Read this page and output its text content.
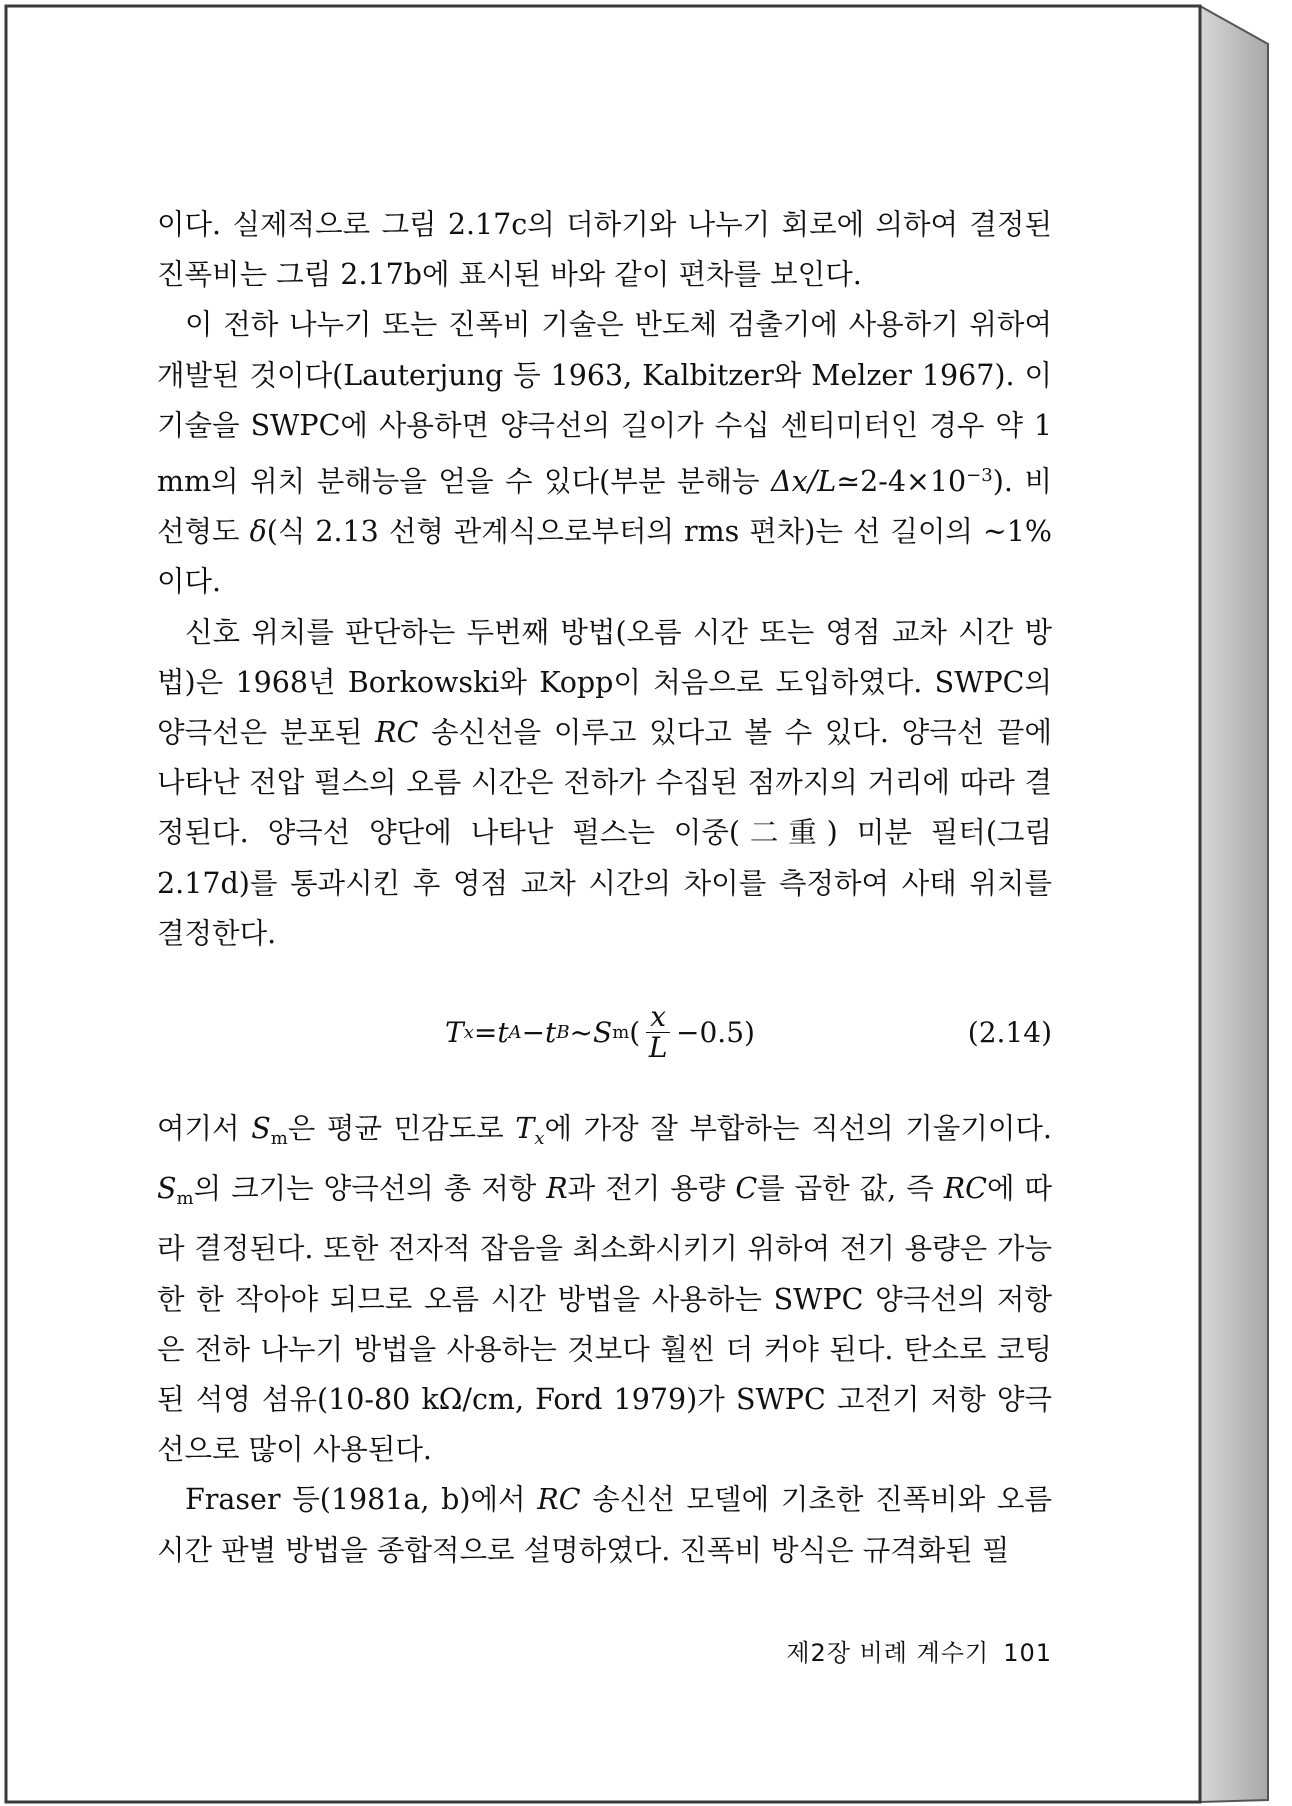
이다. 실제적으로 그림 2.17c의 더하기와 나누기 회로에 의하여 결정된 진폭비는 그림 2.17b에 표시된 바와 같이 편차를 보인다.

이 전하 나누기 또는 진폭비 기술은 반도체 검출기에 사용하기 위하여 개발된 것이다(Lauterjung 등 1963, Kalbitzer와 Melzer 1967). 이 기술을 SWPC에 사용하면 양극선의 길이가 수십 센티미터인 경우 약 1 mm의 위치 분해능을 얻을 수 있다(부분 분해능 $\Delta x/L≃2-4\times 10^{-3}$). 비선형도 δ(식 2.13 선형 관계식으로부터의 rms 편차)는 선 길이의 ~1%이다.

신호 위치를 판단하는 두번째 방법(오름 시간 또는 영점 교차 시간 방법)은 1968년 Borkowski와 Kopp이 처음으로 도입하였다. SWPC의 양극선은 분포된 RC 송신선을 이루고 있다고 볼 수 있다. 양극선 끝에 나타난 전압 펄스의 오름 시간은 전하가 수집된 점까지의 거리에 따라 결정된다. 양극선 양단에 나타난 펄스는 이중(二重) 미분 필터(그림 2.17d)를 통과시킨 후 영점 교차 시간의 차이를 측정하여 사태 위치를 결정한다.

T x = t A − t B ~ S m ( $\frac{x}{L} -0.5$)	(2.14)

여기서 $S_m$은 평균 민감도로 $T_x$에 가장 잘 부합하는 직선의 기울기이다. $S_m$의 크기는 양극선의 총 저항 R과 전기 용량 C를 곱한 값, 즉 RC에 따라 결정된다. 또한 전자적 잡음을 최소화시키기 위하여 전기 용량은 가능한 한 작아야 되므로 오름 시간 방법을 사용하는 SWPC 양극선의 저항은 전하 나누기 방법을 사용하는 것보다 훨씬 더 커야 된다. 탄소로 코팅된 석영 섬유(10-80 kΩ/cm, Ford 1979)가 SWPC 고전기 저항 양극선으로 많이 사용된다.

Fraser 등(1981a, b)에서 RC 송신선 모델에 기초한 진폭비와 오름 시간 판별 방법을 종합적으로 설명하였다. 진폭비 방식은 규격화된 필

제2장 비례 계수기 101
